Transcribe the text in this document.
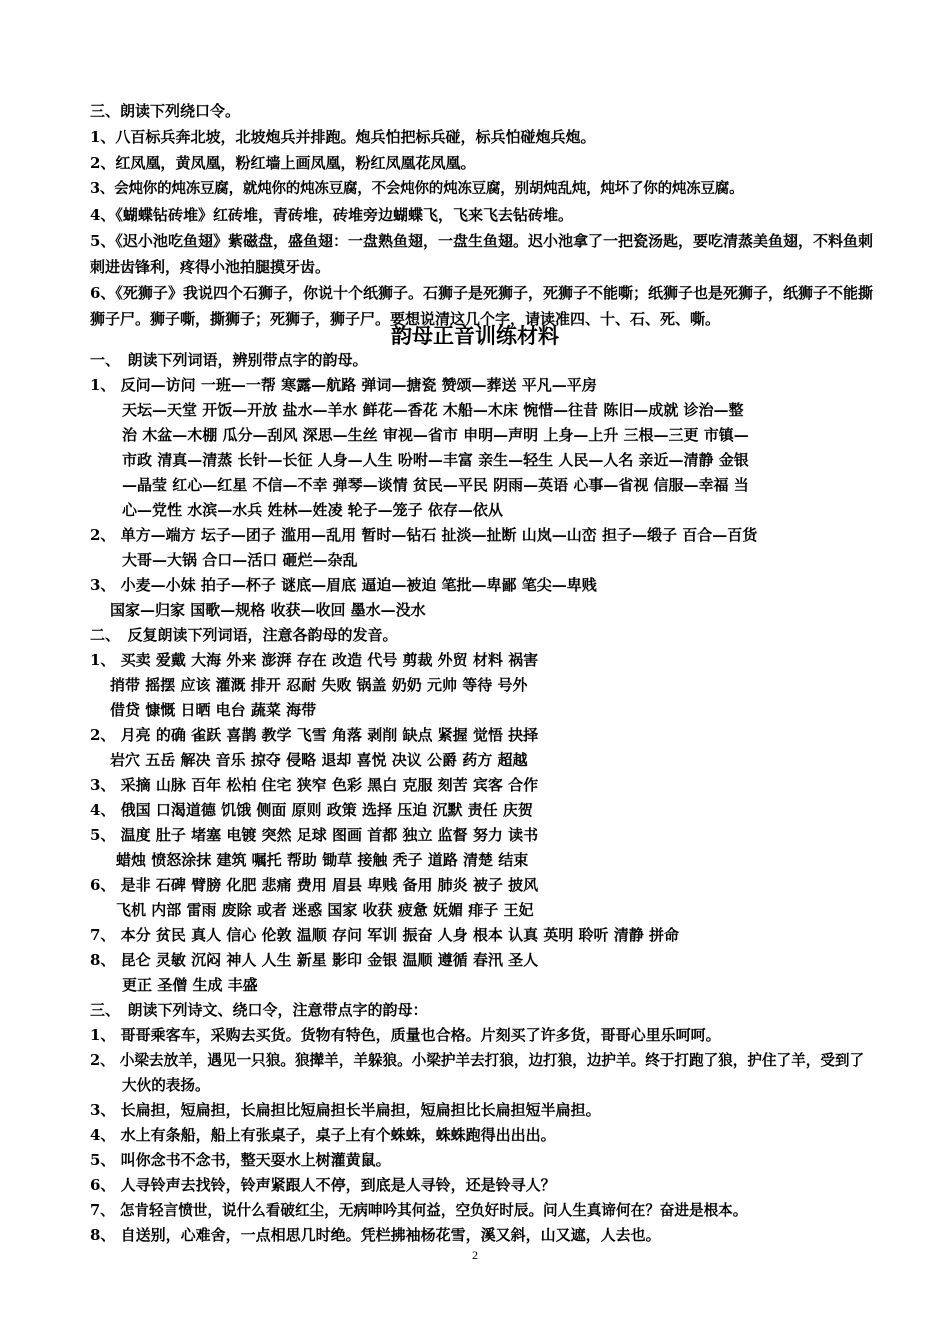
三、朗读下列绕口令。
1、八百标兵奔北坡，北坡炮兵并排跑。炮兵怕把标兵碰，标兵怕碰炮兵炮。
2、红凤凰，黄凤凰，粉红墙上画凤凰，粉红凤凰花凤凰。
3、会炖你的炖冻豆腐，就炖你的炖冻豆腐，不会炖你的炖冻豆腐，别胡炖乱炖，炖坏了你的炖冻豆腐。
4、《蝴蝶钻砖堆》红砖堆，青砖堆，砖堆旁边蝴蝶飞，飞来飞去钻砖堆。
5、《迟小池吃鱼翅》紫磁盘，盛鱼翅：一盘熟鱼翅，一盘生鱼翅。迟小池拿了一把瓷汤匙，要吃清蒸美鱼翅，不料鱼刺刺进齿锋利，疼得小池拍腿摸牙齿。
6、《死狮子》我说四个石狮子，你说十个纸狮子。石狮子是死狮子，死狮子不能嘶；纸狮子也是死狮子，纸狮子不能撕狮子尸。狮子嘶，撕狮子；死狮子，狮子尸。要想说清这几个字，请读准四、十、石、死、嘶。
韵母正音训练材料
一、　朗读下列词语，辨别带点字的韵母。
1、 反问—访问 一班—一帮 寒露—航路 弹词—搪瓷 赞颂—葬送 平凡—平房
天坛—天堂 开饭—开放 盐水—羊水 鲜花—香花 木船—木床 惋惜—往昔 陈旧—成就 诊治—整
治 木盆—木棚 瓜分—刮风 深思—生丝 审视—省市 申明—声明 上身—上升 三根—三更 市镇—
市政 清真—清蒸 长针—长征 人身—人生 吩咐—丰富 亲生—轻生 人民—人名 亲近—清静 金银
—晶莹 红心—红星 不信—不幸 弹琴—谈情 贫民—平民 阴雨—英语 心事—省视 信服—幸福 当
心—党性 水滨—水兵 姓林—姓凌 轮子—笼子 依存—依从
2、 单方—端方 坛子—团子 滥用—乱用 暂时—钻石 扯淡—扯断 山岚—山峦 担子—缎子 百合—百货
大哥—大锅 合口—活口 砸烂—杂乱
3、 小麦—小妹 拍子—杯子 谜底—眉底 逼迫—被迫 笔批—卑鄙 笔尖—卑贱
国家—归家 国歌—规格 收获—收回 墨水—没水
二、　反复朗读下列词语，注意各韵母的发音。
1、 买卖 爱戴 大海 外来 澎湃 存在 改造 代号 剪裁 外贸 材料 祸害
捎带 摇摆 应该 灌溉 排开 忍耐 失败 锅盖 奶奶 元帅 等待 号外
借贷 慷慨 日晒 电台 蔬菜 海带
2、 月亮 的确 雀跃 喜鹊 教学 飞雪 角落 剥削 缺点 紧握 觉悟 抉择
岩穴 五岳 解决 音乐 掠夺 侵略 退却 喜悦 决议 公爵 药方 超越
3、 采摘 山脉 百年 松柏 住宅 狭窄 色彩 黑白 克服 刻苦 宾客 合作
4、 俄国 口渴道德 饥饿 侧面 原则 政策 选择 压迫 沉默 责任 庆贺
5、 温度 肚子 堵塞 电镀 突然 足球 图画 首都 独立 监督 努力 读书
蜡烛 愤怒涂抹 建筑 嘱托 帮助 锄草 接触 秃子 道路 清楚 结束
6、 是非 石碑 臂膀 化肥 悲痛 费用 眉县 卑贱 备用 肺炎 被子 披风
飞机 内部 雷雨 废除 或者 迷惑 国家 收获 疲惫 妩媚 痱子 王妃
7、 本分 贫民 真人 信心 伦敦 温顺 存问 军训 振奋 人身 根本 认真 英明 聆听 清静 拼命
8、 昆仑 灵敏 沉闷 神人 人生 新星 影印 金银 温顺 遵循 春汛 圣人
更正 圣僧 生成 丰盛
三、　朗读下列诗文、绕口令，注意带点字的韵母：
1、 哥哥乘客车，采购去买货。货物有特色，质量也合格。片刻买了许多货，哥哥心里乐呵呵。
2、 小梁去放羊，遇见一只狼。狼撵羊，羊躲狼。小梁护羊去打狼，边打狼，边护羊。终于打跑了狼，护住了羊，受到了大伙的表扬。
3、 长扁担，短扁担，长扁担比短扁担长半扁担，短扁担比长扁担短半扁担。
4、 水上有条船，船上有张桌子，桌子上有个蛛蛛，蛛蛛跑得出出出。
5、 叫你念书不念书，整天耍水上树灌黄鼠。
6、 人寻铃声去找铃，铃声紧跟人不停，到底是人寻铃，还是铃寻人？
7、 怎肯轻言愤世，说什么看破红尘，无病呻吟其何益，空负好时辰。问人生真谛何在？奋进是根本。
8、 自送别，心难舍，一点相思几时绝。凭栏拂袖杨花雪，溪又斜，山又遮，人去也。
2
